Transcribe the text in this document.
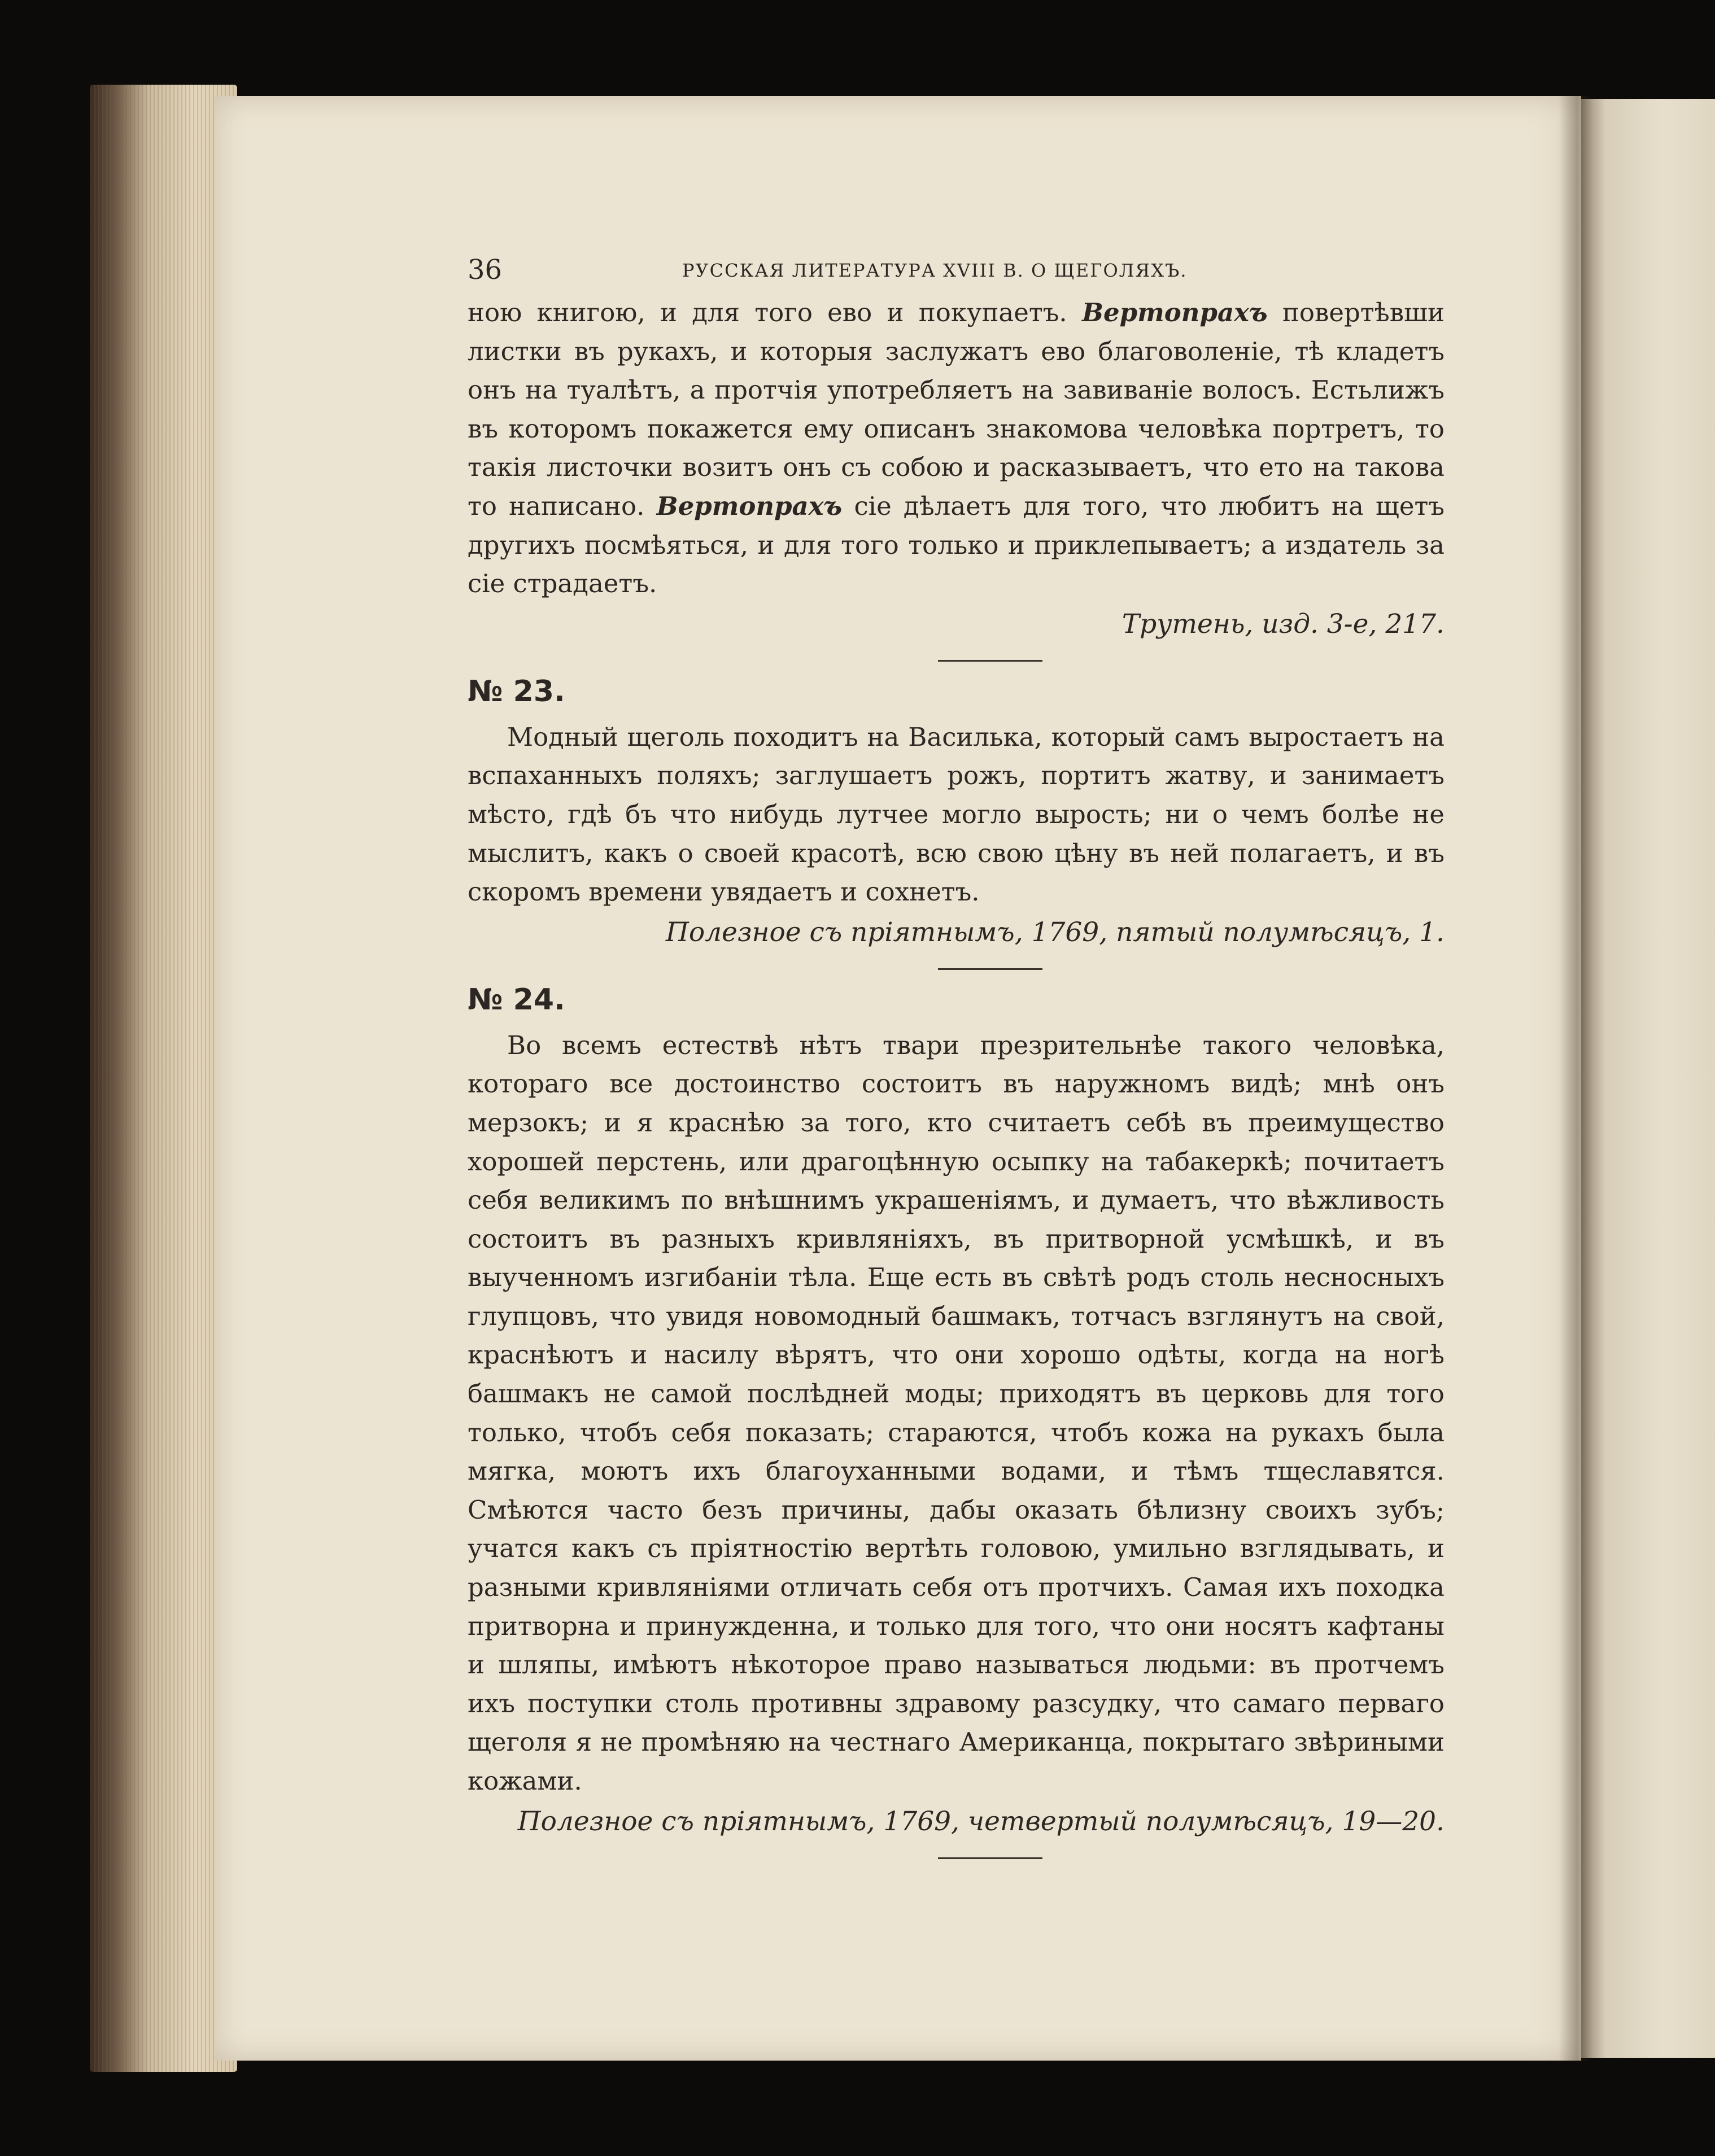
36	РУССКАЯ ЛИТЕРАТУРА XVIII В. О ЩЕГОЛЯХЪ.

ною книгою, и для того ево и покупаетъ. Вертопрахъ повертѣвши листки въ рукахъ, и которыя заслужатъ ево благоволенiе, тѣ кладетъ онъ на туалѣтъ, а протчiя употребляетъ на завиванiе волосъ. Естьлижъ въ которомъ покажется ему описанъ знакомова человѣка портретъ, то такiя листочки возитъ онъ съ собою и расказываетъ, что ето на такова то написано. Вертопрахъ сiе дѣлаетъ для того, что любитъ на щетъ другихъ посмѣяться, и для того только и приклепываетъ; а издатель за сiе страдаетъ.

Трутень, изд. 3-е, 217.

№ 23.

Модный щеголь походитъ на Василька, который самъ выростаетъ на вспаханныхъ поляхъ; заглушаетъ рожъ, портитъ жатву, и занимаетъ мѣсто, гдѣ бъ что нибудь лутчее могло вырость; ни о чемъ болѣе не мыслитъ, какъ о своей красотѣ, всю свою цѣну въ ней полагаетъ, и въ скоромъ времени увядаетъ и сохнетъ.

Полезное съ прiятнымъ, 1769, пятый полумѣсяцъ, 1.

№ 24.

Во всемъ естествѣ нѣтъ твари презрительнѣе такого человѣка, котораго все достоинство состоитъ въ наружномъ видѣ; мнѣ онъ мерзокъ; и я краснѣю за того, кто считаетъ себѣ въ преимущество хорошей перстень, или драгоцѣнную осыпку на табакеркѣ; почитаетъ себя великимъ по внѣшнимъ украшенiямъ, и думаетъ, что вѣжливость состоитъ въ разныхъ кривлянiяхъ, въ притворной усмѣшкѣ, и въ выученномъ изгибанiи тѣла. Еще есть въ свѣтѣ родъ столь несносныхъ глупцовъ, что увидя новомодный башмакъ, тотчасъ взглянутъ на свой, краснѣютъ и насилу вѣрятъ, что они хорошо одѣты, когда на ногѣ башмакъ не самой послѣдней моды; приходятъ въ церковь для того только, чтобъ себя показать; стараются, чтобъ кожа на рукахъ была мягка, моютъ ихъ благоуханными водами, и тѣмъ тщеславятся. Смѣются часто безъ причины, дабы оказать бѣлизну своихъ зубъ; учатся какъ съ прiятностiю вертѣть головою, умильно взглядывать, и разными кривлянiями отличать себя отъ протчихъ. Самая ихъ походка притворна и принужденна, и только для того, что они носятъ кафтаны и шляпы, имѣютъ нѣкоторое право называться людьми: въ протчемъ ихъ поступки столь противны здравому разсудку, что самаго перваго щеголя я не промѣняю на честнаго Американца, покрытаго звѣриными кожами.

Полезное съ прiятнымъ, 1769, четвертый полумѣсяцъ, 19—20.
